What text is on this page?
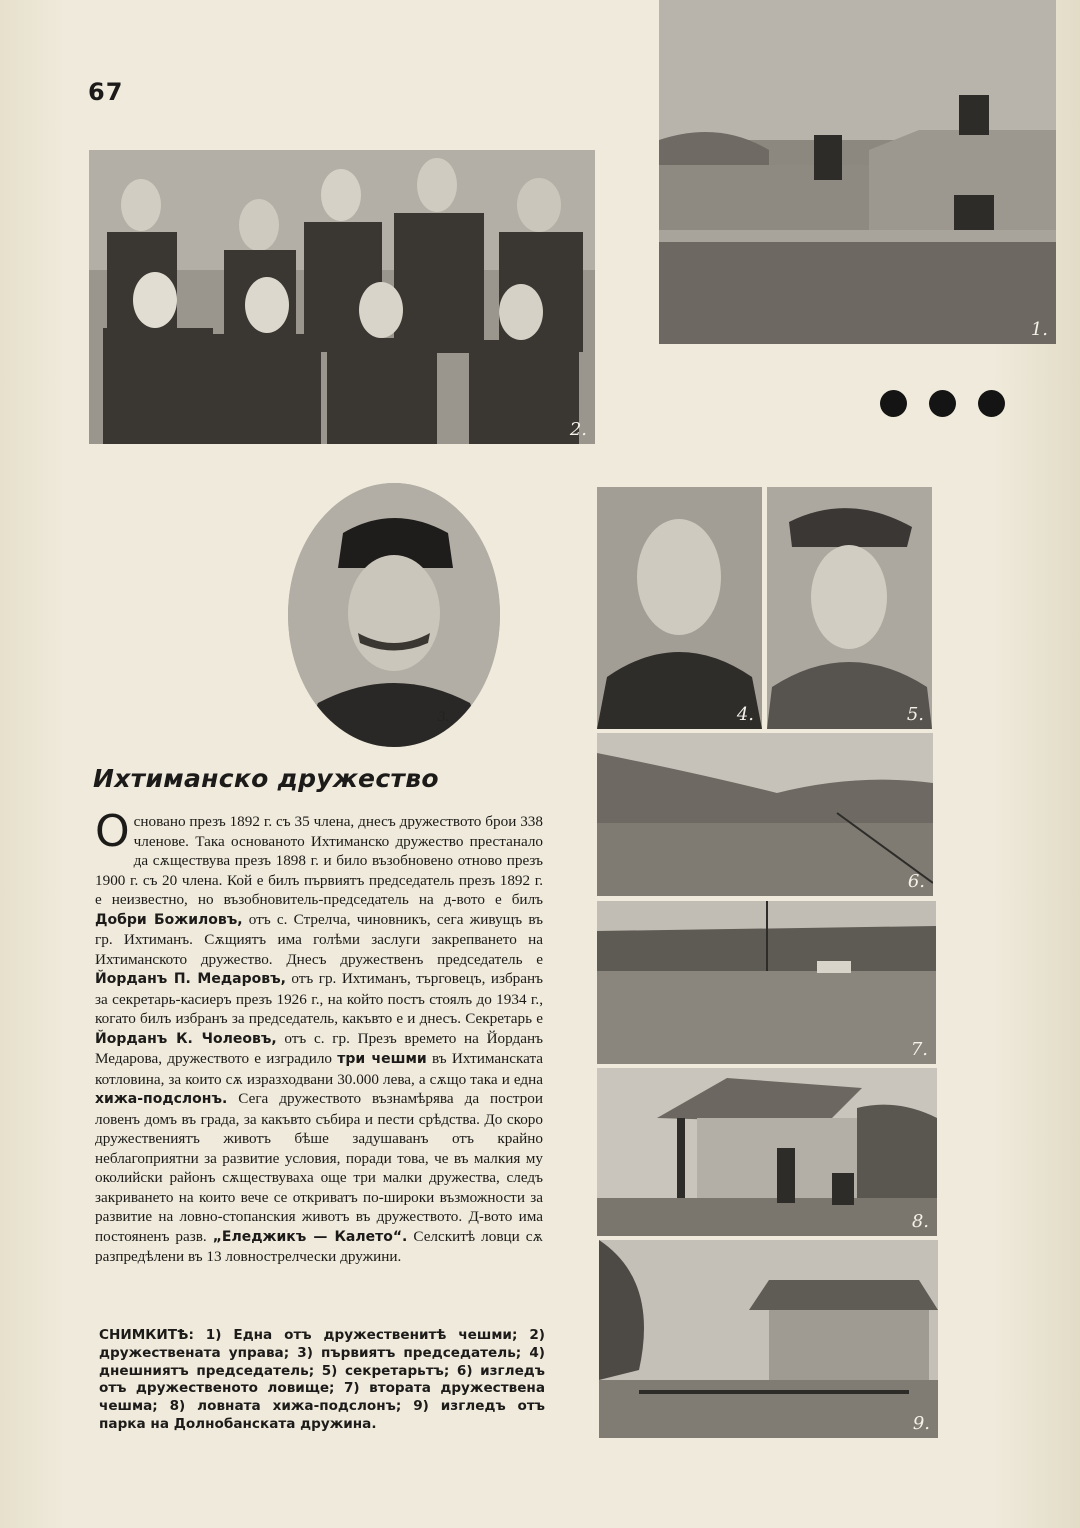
67
2.
1.
3.	4.	5.
6.
7.
8.
9.
Ихтиманско дружество
Основано презъ 1892 г. съ 35 члена, днесъ дружеството брои 338 членове. Така основаното Ихтиманско дружество престанало да сѫществува презъ 1898 г. и било възобновено отново презъ 1900 г. съ 20 члена. Кой е билъ първиятъ председатель презъ 1892 г. е неизвестно, но възобновитель-председатель на д-вото е билъ Добри Божиловъ, отъ с. Стрелча, чиновникъ, сега живущъ въ гр. Ихтиманъ. Сѫщиятъ има голѣми заслуги закрепването на Ихтиманското дружество. Днесъ дружественъ председатель е Йорданъ П. Медаровъ, отъ гр. Ихтиманъ, търговецъ, избранъ за секретарь-касиеръ презъ 1926 г., на който постъ стоялъ до 1934 г., когато билъ избранъ за председатель, какъвто е и днесъ. Секретарь е Йорданъ К. Чолеовъ, отъ с. гр. Презъ времето на Йорданъ Медарова, дружеството е изградило три чешми въ Ихтиманската котловина, за които сѫ изразходвани 30.000 лева, а сѫщо така и една хижа-подслонъ. Сега дружеството възнамѣрява да построи ловенъ домъ въ града, за какъвто събира и пести срѣдства. До скоро дружествениятъ животъ бѣше задушаванъ отъ крайно неблагоприятни за развитие условия, поради това, че въ малкия му околийски районъ сѫществуваха още три малки дружества, следъ закриването на които вече се откриватъ по-широки възможности за развитие на ловно-стопанския животъ въ дружеството. Д-вото има постояненъ разв. „Еледжикъ — Калето“. Селскитѣ ловци сѫ разпредѣлени въ 13 ловнострелчески дружини.
СНИМКИТѢ: 1) Една отъ дружественитѣ чешми; 2) дружествената управа; 3) първиятъ председатель; 4) днешниятъ председатель; 5) секретарьтъ; 6) изгледъ отъ дружественото ловище; 7) втората дружествена чешма; 8) ловната хижа-подслонъ; 9) изгледъ отъ парка на Долнобанската дружина.
